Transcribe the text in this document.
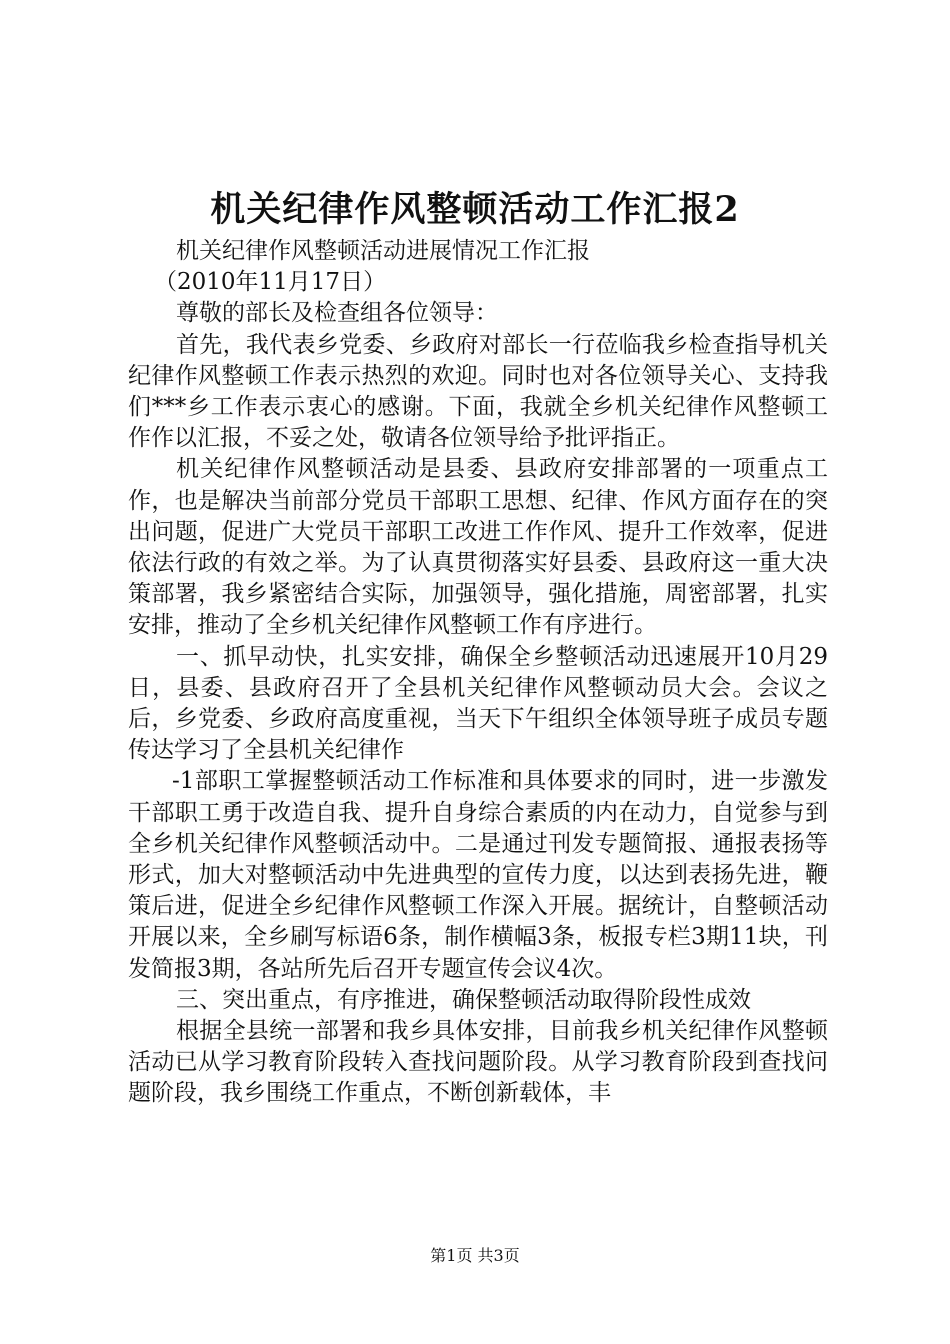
机关纪律作风整顿活动工作汇报2

机关纪律作风整顿活动进展情况工作汇报

（2010年11月17日）

尊敬的部长及检查组各位领导：

首先，我代表乡党委、乡政府对部长一行莅临我乡检查指导机关纪律作风整顿工作表示热烈的欢迎。同时也对各位领导关心、支持我们***乡工作表示衷心的感谢。下面，我就全乡机关纪律作风整顿工作作以汇报，不妥之处，敬请各位领导给予批评指正。

机关纪律作风整顿活动是县委、县政府安排部署的一项重点工作，也是解决当前部分党员干部职工思想、纪律、作风方面存在的突出问题，促进广大党员干部职工改进工作作风、提升工作效率，促进依法行政的有效之举。为了认真贯彻落实好县委、县政府这一重大决策部署，我乡紧密结合实际，加强领导，强化措施，周密部署，扎实安排，推动了全乡机关纪律作风整顿工作有序进行。

一、抓早动快，扎实安排，确保全乡整顿活动迅速展开10月29日，县委、县政府召开了全县机关纪律作风整顿动员大会。会议之后，乡党委、乡政府高度重视，当天下午组织全体领导班子成员专题传达学习了全县机关纪律作

-1部职工掌握整顿活动工作标准和具体要求的同时，进一步激发干部职工勇于改造自我、提升自身综合素质的内在动力，自觉参与到全乡机关纪律作风整顿活动中。二是通过刊发专题简报、通报表扬等形式，加大对整顿活动中先进典型的宣传力度，以达到表扬先进，鞭策后进，促进全乡纪律作风整顿工作深入开展。据统计，自整顿活动开展以来，全乡刷写标语6条，制作横幅3条，板报专栏3期11块，刊发简报3期，各站所先后召开专题宣传会议4次。

三、突出重点，有序推进，确保整顿活动取得阶段性成效

根据全县统一部署和我乡具体安排，目前我乡机关纪律作风整顿活动已从学习教育阶段转入查找问题阶段。从学习教育阶段到查找问题阶段，我乡围绕工作重点，不断创新载体，丰

第1页 共3页
